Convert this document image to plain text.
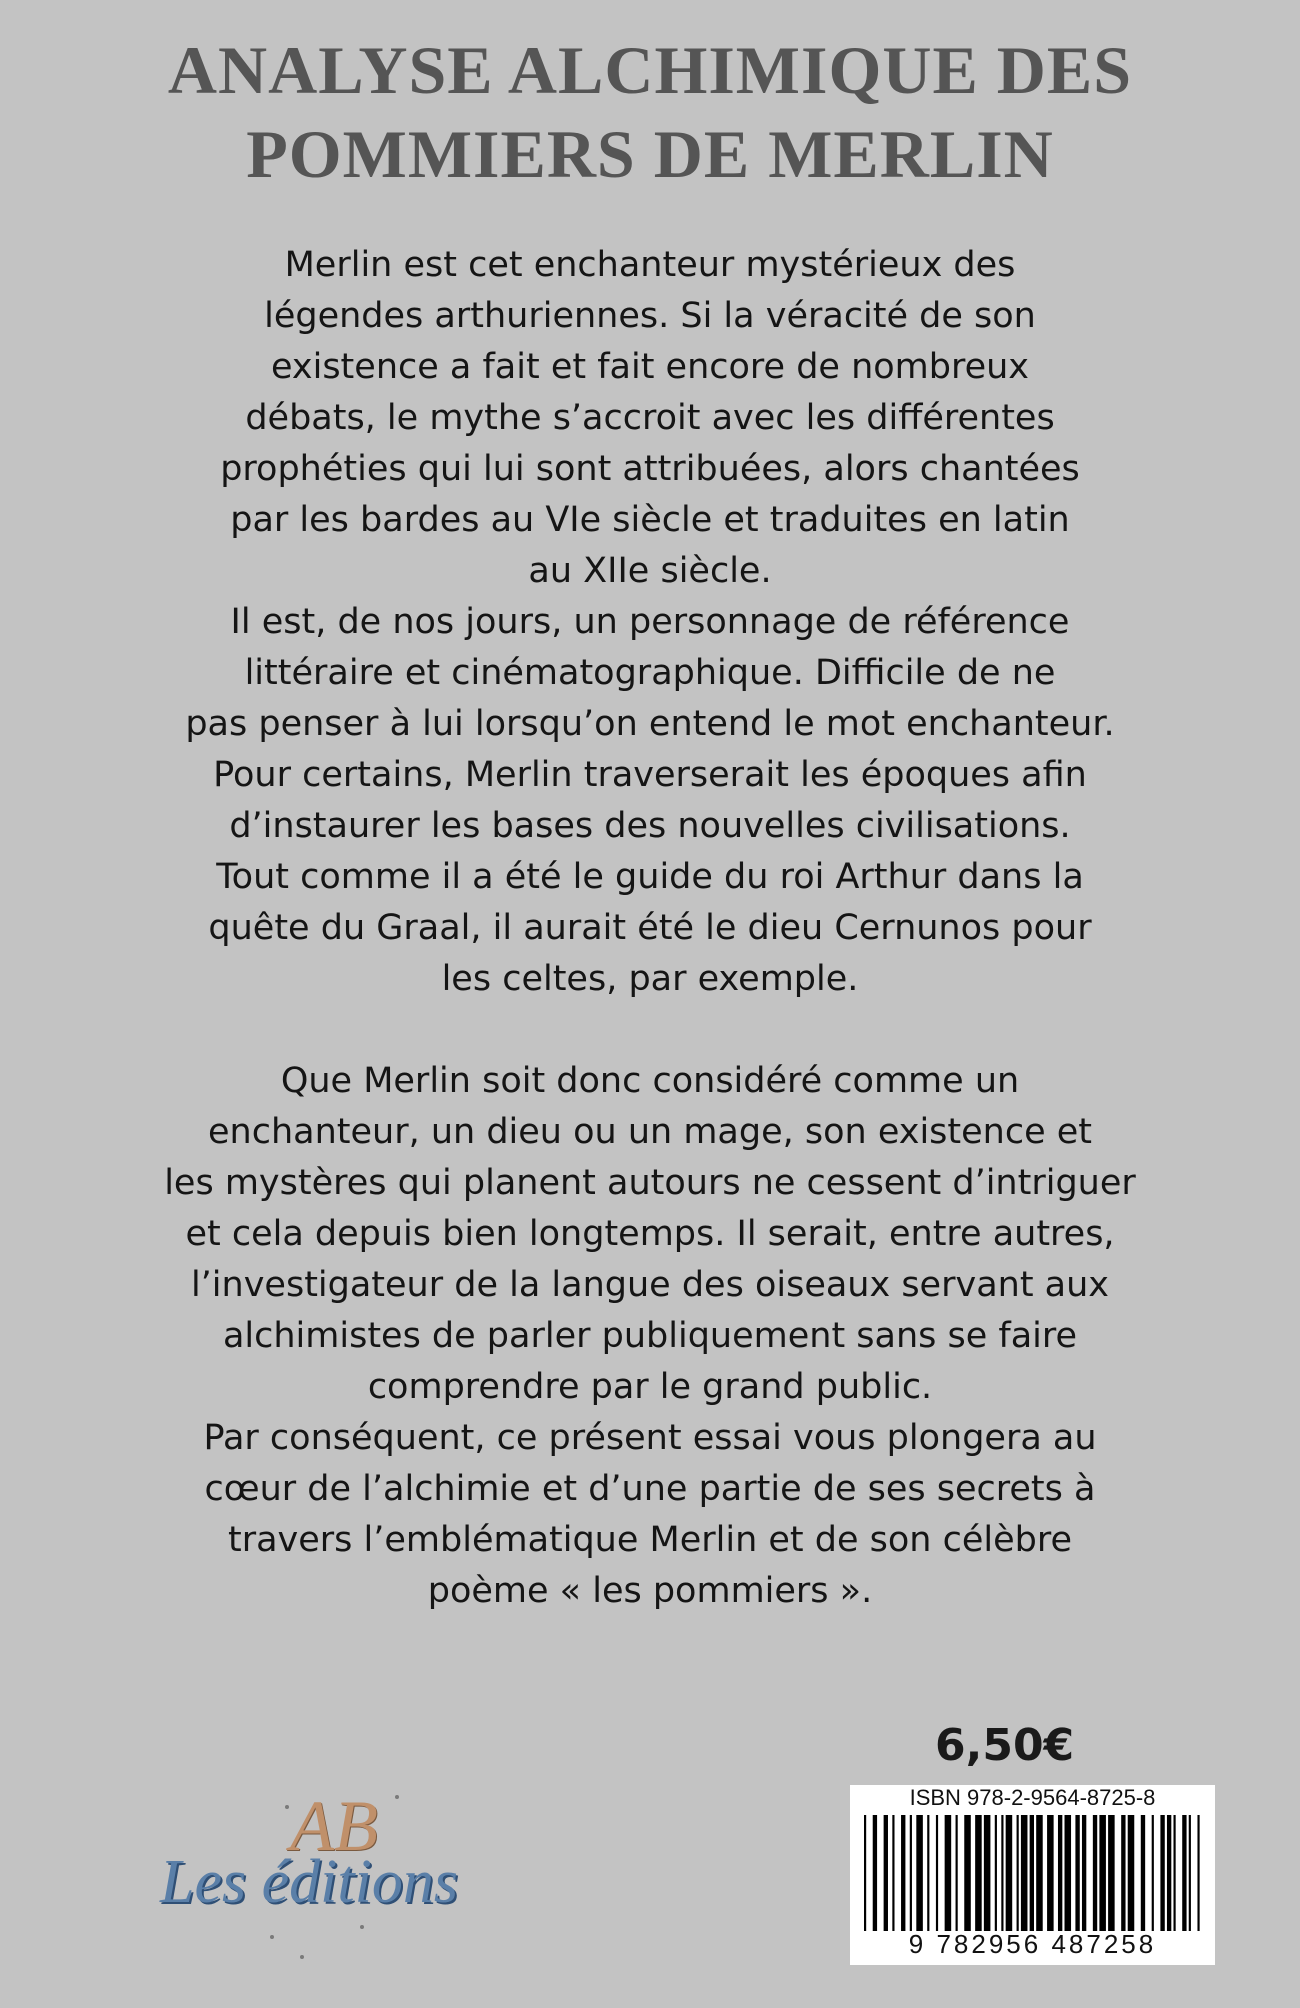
ANALYSE ALCHIMIQUE DES
POMMIERS DE MERLIN
Merlin est cet enchanteur mystérieux des
légendes arthuriennes. Si la véracité de son
existence a fait et fait encore de nombreux
débats, le mythe s’accroit avec les différentes
prophéties qui lui sont attribuées, alors chantées
par les bardes au VIe siècle et traduites en latin
au XIIe siècle.
Il est, de nos jours, un personnage de référence
littéraire et cinématographique. Difficile de ne
pas penser à lui lorsqu’on entend le mot enchanteur.
Pour certains, Merlin traverserait les époques afin
d’instaurer les bases des nouvelles civilisations.
Tout comme il a été le guide du roi Arthur dans la
quête du Graal, il aurait été le dieu Cernunos pour
les celtes, par exemple.
Que Merlin soit donc considéré comme un
enchanteur, un dieu ou un mage, son existence et
les mystères qui planent autours ne cessent d’intriguer
et cela depuis bien longtemps. Il serait, entre autres,
l’investigateur de la langue des oiseaux servant aux
alchimistes de parler publiquement sans se faire
comprendre par le grand public.
Par conséquent, ce présent essai vous plongera au
cœur de l’alchimie et d’une partie de ses secrets à
travers l’emblématique Merlin et de son célèbre
poème « les pommiers ».
6,50€
ISBN 978-2-9564-8725-8
9 782956 487258
AB
Les éditions
